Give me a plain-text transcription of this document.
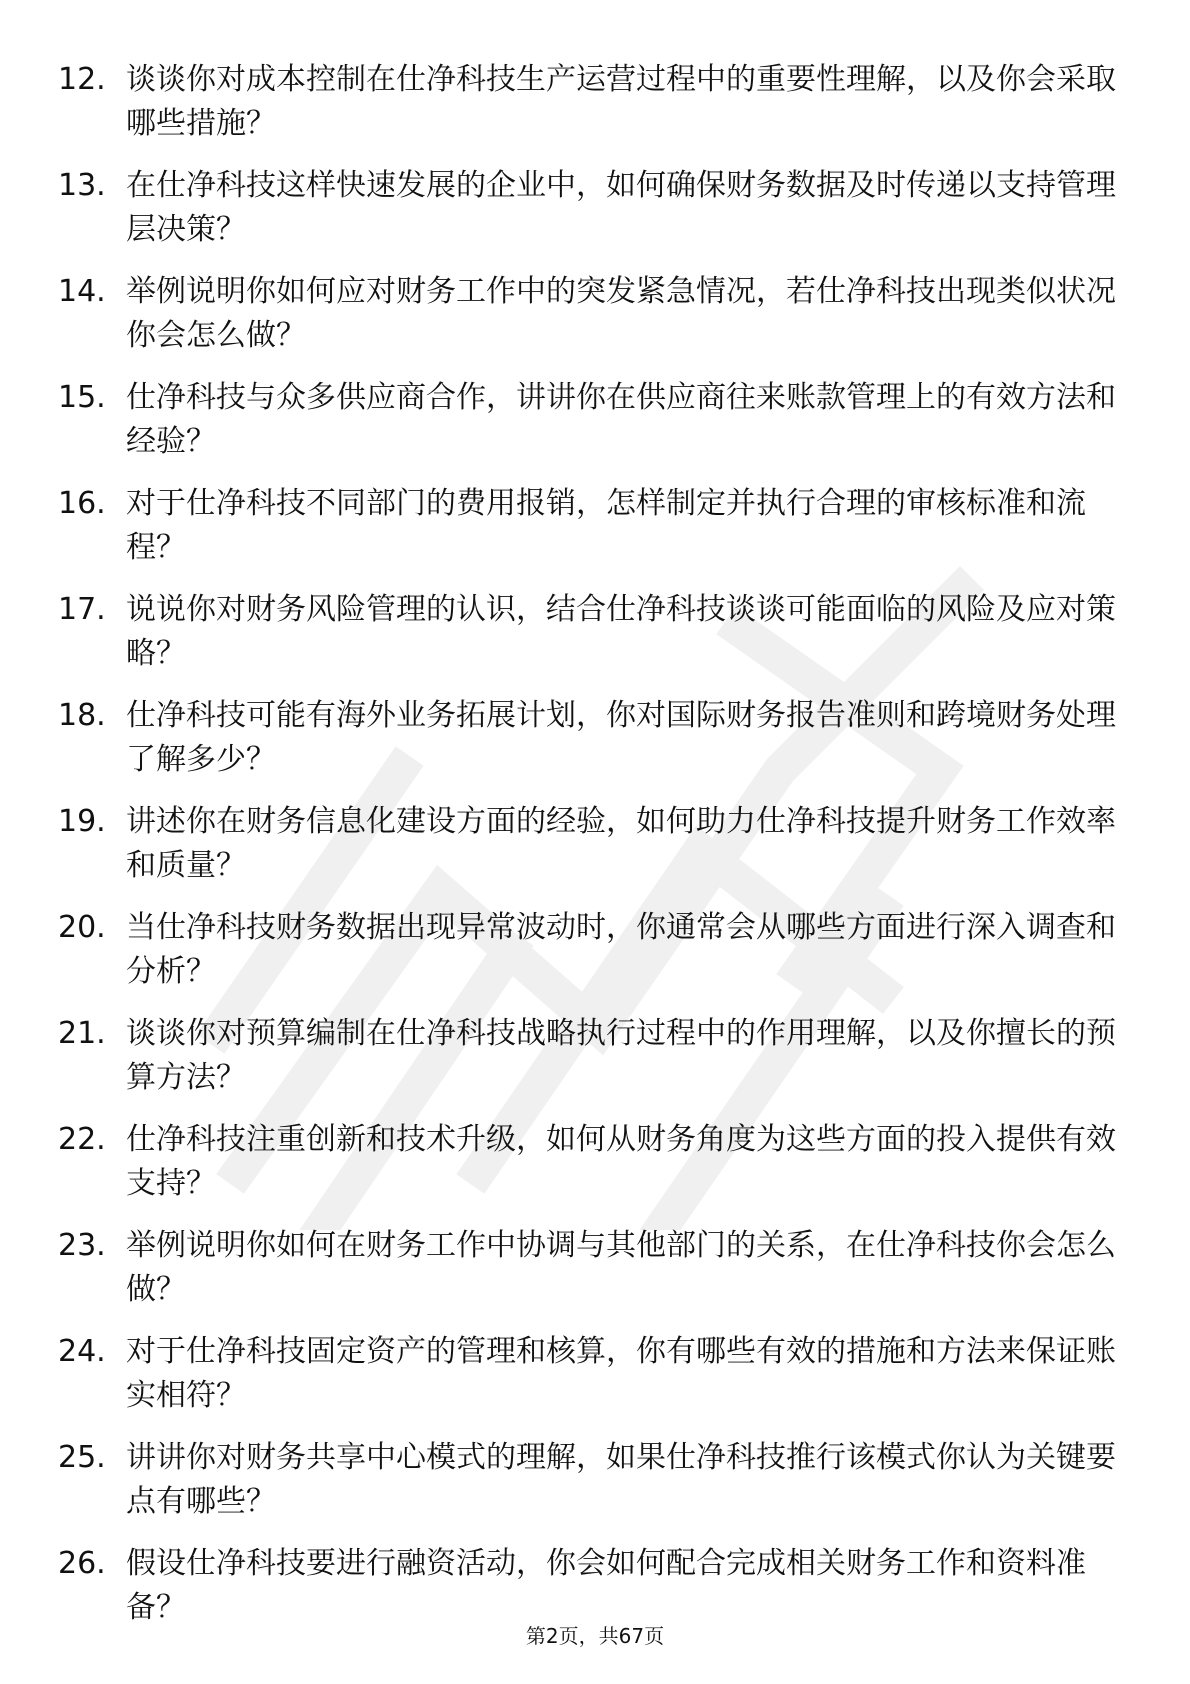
12. 谈谈你对成本控制在仕净科技生产运营过程中的重要性理解，以及你会采取哪些措施？
13. 在仕净科技这样快速发展的企业中，如何确保财务数据及时传递以支持管理层决策？
14. 举例说明你如何应对财务工作中的突发紧急情况，若仕净科技出现类似状况你会怎么做？
15. 仕净科技与众多供应商合作，讲讲你在供应商往来账款管理上的有效方法和经验？
16. 对于仕净科技不同部门的费用报销，怎样制定并执行合理的审核标准和流程？
17. 说说你对财务风险管理的认识，结合仕净科技谈谈可能面临的风险及应对策略？
18. 仕净科技可能有海外业务拓展计划，你对国际财务报告准则和跨境财务处理了解多少？
19. 讲述你在财务信息化建设方面的经验，如何助力仕净科技提升财务工作效率和质量？
20. 当仕净科技财务数据出现异常波动时，你通常会从哪些方面进行深入调查和分析？
21. 谈谈你对预算编制在仕净科技战略执行过程中的作用理解，以及你擅长的预算方法？
22. 仕净科技注重创新和技术升级，如何从财务角度为这些方面的投入提供有效支持？
23. 举例说明你如何在财务工作中协调与其他部门的关系，在仕净科技你会怎么做？
24. 对于仕净科技固定资产的管理和核算，你有哪些有效的措施和方法来保证账实相符？
25. 讲讲你对财务共享中心模式的理解，如果仕净科技推行该模式你认为关键要点有哪些？
26. 假设仕净科技要进行融资活动，你会如何配合完成相关财务工作和资料准备？
第2页，共67页
